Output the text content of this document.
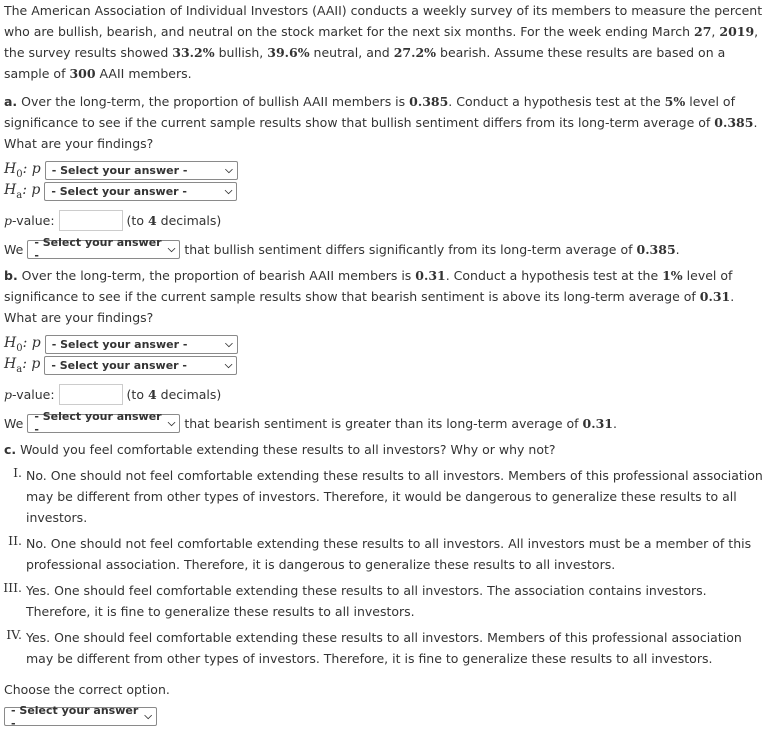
The American Association of Individual Investors (AAII) conducts a weekly survey of its members to measure the percent who are bullish, bearish, and neutral on the stock market for the next six months. For the week ending March 27, 2019, the survey results showed 33.2% bullish, 39.6% neutral, and 27.2% bearish. Assume these results are based on a sample of 300 AAII members.

a. Over the long-term, the proportion of bullish AAII members is 0.385. Conduct a hypothesis test at the 5% level of significance to see if the current sample results show that bullish sentiment differs from its long-term average of 0.385. What are your findings?

$H_0$: p - Select your answer -	⌵
$H_a$: p - Select your answer -	⌵
p -value:	(to 4 decimals)
We - Select your answer -	⌵ that bullish sentiment differs significantly from its long-term average of 0.385.

b. Over the long-term, the proportion of bearish AAII members is 0.31. Conduct a hypothesis test at the 1% level of significance to see if the current sample results show that bearish sentiment is above its long-term average of 0.31. What are your findings?

$H_0$: p - Select your answer -	⌵
$H_a$: p - Select your answer -	⌵
p -value:	(to 4 decimals)
We - Select your answer -	⌵ that bearish sentiment is greater than its long-term average of 0.31.

c. Would you feel comfortable extending these results to all investors? Why or why not?

I. No. One should not feel comfortable extending these results to all investors. Members of this professional association may be different from other types of investors. Therefore, it would be dangerous to generalize these results to all investors.
II. No. One should not feel comfortable extending these results to all investors. All investors must be a member of this professional association. Therefore, it is dangerous to generalize these results to all investors.
III. Yes. One should feel comfortable extending these results to all investors. The association contains investors. Therefore, it is fine to generalize these results to all investors.
IV. Yes. One should feel comfortable extending these results to all investors. Members of this professional association may be different from other types of investors. Therefore, it is fine to generalize these results to all investors.

Choose the correct option.

- Select your answer -	⌵
